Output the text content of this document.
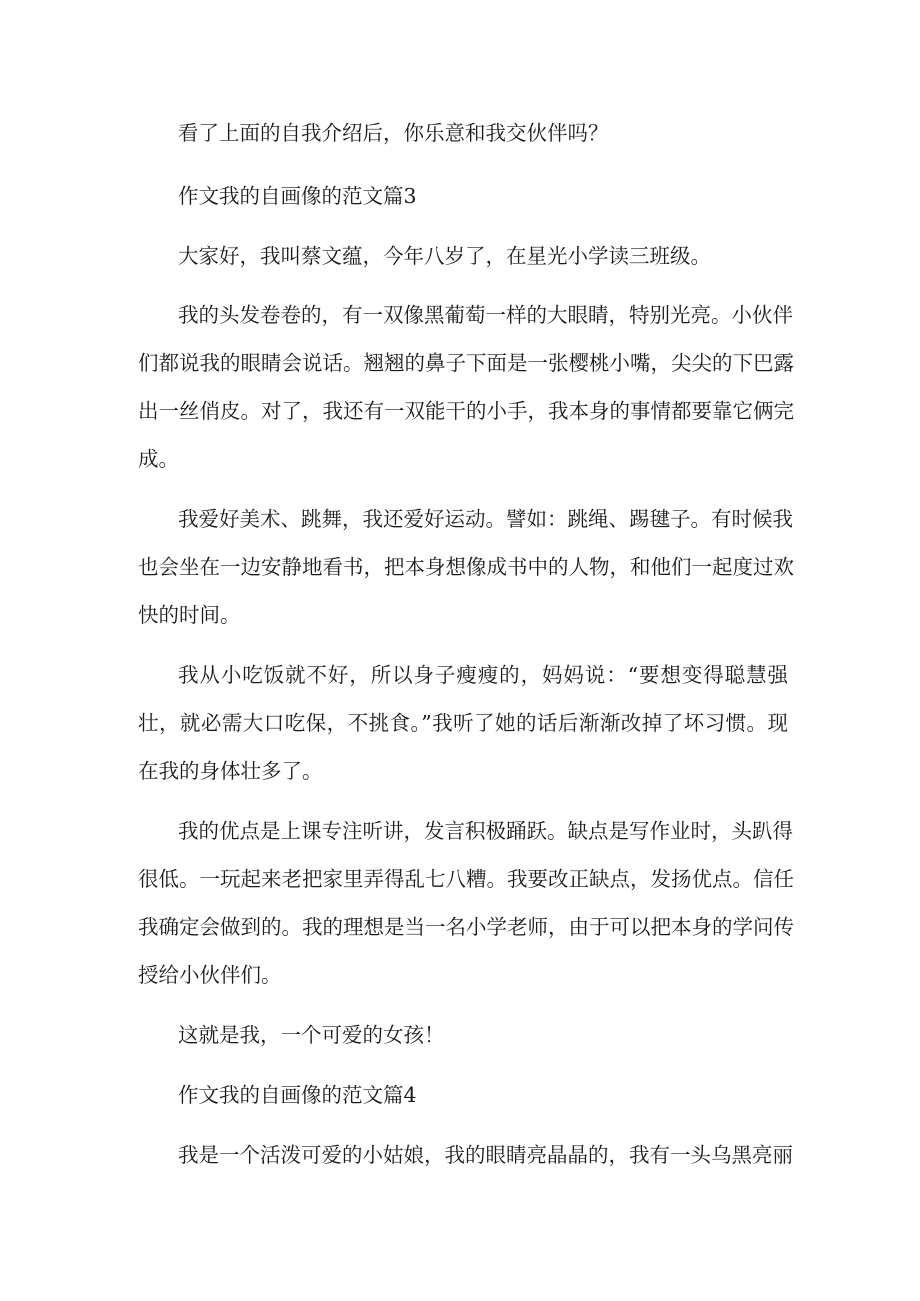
看了上面的自我介绍后，你乐意和我交伙伴吗？
作文我的自画像的范文篇3
大家好，我叫蔡文蕴，今年八岁了，在星光小学读三班级。
我的头发卷卷的，有一双像黑葡萄一样的大眼睛，特别光亮。小伙伴
们都说我的眼睛会说话。翘翘的鼻子下面是一张樱桃小嘴，尖尖的下巴露
出一丝俏皮。对了，我还有一双能干的小手，我本身的事情都要靠它俩完
成。
我爱好美术、跳舞，我还爱好运动。譬如：跳绳、踢毽子。有时候我
也会坐在一边安静地看书，把本身想像成书中的人物，和他们一起度过欢
快的时间。
我从小吃饭就不好，所以身子瘦瘦的，妈妈说：“要想变得聪慧强
壮，就必需大口吃保，不挑食。”我听了她的话后渐渐改掉了坏习惯。现
在我的身体壮多了。
我的优点是上课专注听讲，发言积极踊跃。缺点是写作业时，头趴得
很低。一玩起来老把家里弄得乱七八糟。我要改正缺点，发扬优点。信任
我确定会做到的。我的理想是当一名小学老师，由于可以把本身的学问传
授给小伙伴们。
这就是我，一个可爱的女孩！
作文我的自画像的范文篇4
我是一个活泼可爱的小姑娘，我的眼睛亮晶晶的，我有一头乌黑亮丽
